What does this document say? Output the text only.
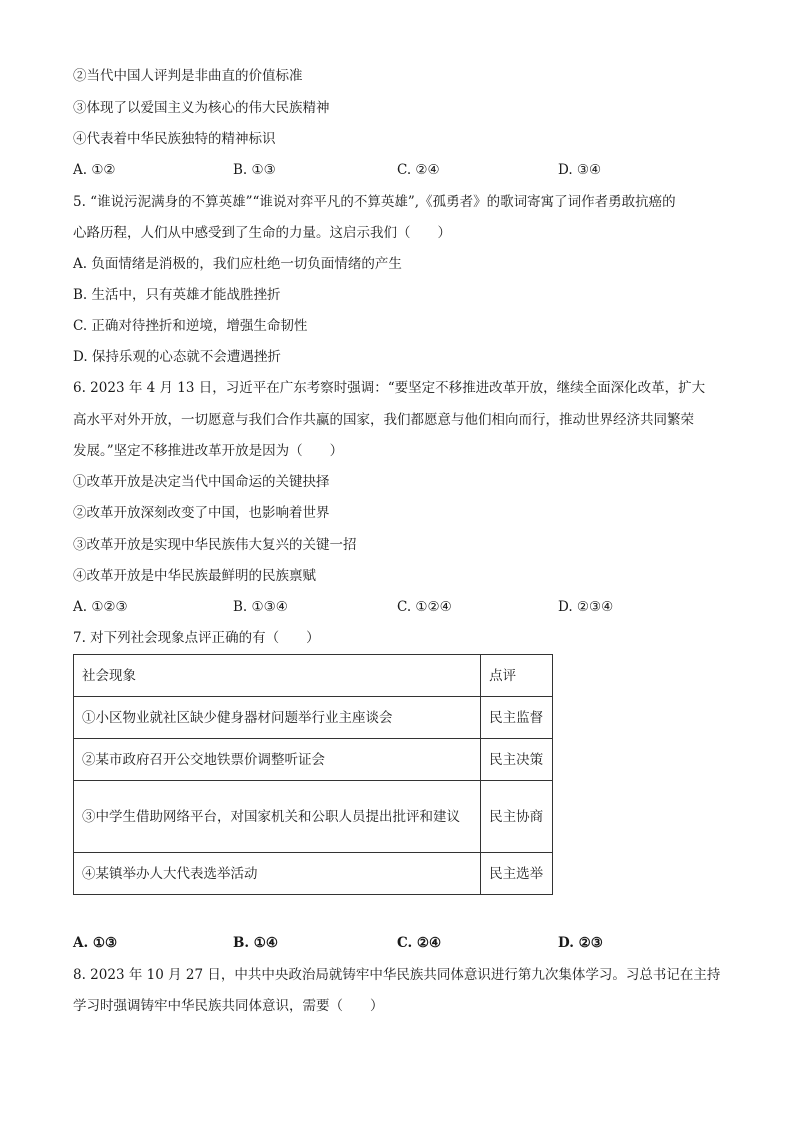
②当代中国人评判是非曲直的价值标准
③体现了以爱国主义为核心的伟大民族精神
④代表着中华民族独特的精神标识
A. ①②	B. ①③	C. ②④	D. ③④
5. “谁说污泥满身的不算英雄”“谁说对弈平凡的不算英雄”,《孤勇者》的歌词寄寓了词作者勇敢抗癌的
心路历程，人们从中感受到了生命的力量。这启示我们（　　）
A. 负面情绪是消极的，我们应杜绝一切负面情绪的产生
B. 生活中，只有英雄才能战胜挫折
C. 正确对待挫折和逆境，增强生命韧性
D. 保持乐观的心态就不会遭遇挫折
6. 2023 年 4 月 13 日，习近平在广东考察时强调：“要坚定不移推进改革开放，继续全面深化改革，扩大
高水平对外开放，一切愿意与我们合作共赢的国家，我们都愿意与他们相向而行，推动世界经济共同繁荣
发展。”坚定不移推进改革开放是因为（　　）
①改革开放是决定当代中国命运的关键抉择
②改革开放深刻改变了中国，也影响着世界
③改革开放是实现中华民族伟大复兴的关键一招
④改革开放是中华民族最鲜明的民族禀赋
A. ①②③	B. ①③④	C. ①②④	D. ②③④
7. 对下列社会现象点评正确的有（　　）
社会现象	点评
①小区物业就社区缺少健身器材问题举行业主座谈会	民主监督
②某市政府召开公交地铁票价调整听证会	民主决策
③中学生借助网络平台，对国家机关和公职人员提出批评和建议	民主协商
④某镇举办人大代表选举活动	民主选举
A. ①③	B. ①④	C. ②④	D. ②③
8. 2023 年 10 月 27 日，中共中央政治局就铸牢中华民族共同体意识进行第九次集体学习。习总书记在主持
学习时强调铸牢中华民族共同体意识，需要（　　）
